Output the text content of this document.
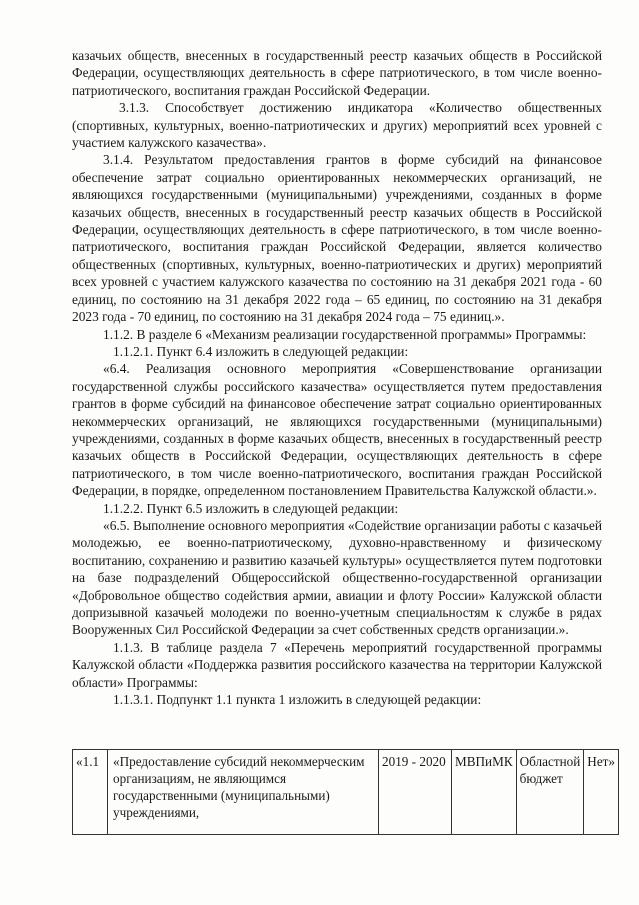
казачьих обществ, внесенных в государственный реестр казачьих обществ в Российской Федерации, осуществляющих деятельность в сфере патриотического, в том числе военно-патриотического, воспитания граждан Российской Федерации.

3.1.3. Способствует достижению индикатора «Количество общественных (спортивных, культурных, военно-патриотических и других) мероприятий всех уровней с участием калужского казачества».

3.1.4. Результатом предоставления грантов в форме субсидий на финансовое обеспечение затрат социально ориентированных некоммерческих организаций, не являющихся государственными (муниципальными) учреждениями, созданных в форме казачьих обществ, внесенных в государственный реестр казачьих обществ в Российской Федерации, осуществляющих деятельность в сфере патриотического, в том числе военно-патриотического, воспитания граждан Российской Федерации, является количество общественных (спортивных, культурных, военно-патриотических и других) мероприятий всех уровней с участием калужского казачества по состоянию на 31 декабря 2021 года - 60 единиц, по состоянию на 31 декабря 2022 года – 65 единиц, по состоянию на 31 декабря 2023 года - 70 единиц, по состоянию на 31 декабря 2024 года – 75 единиц.».

1.1.2. В разделе 6 «Механизм реализации государственной программы» Программы:

1.1.2.1. Пункт 6.4 изложить в следующей редакции:

«6.4. Реализация основного мероприятия «Совершенствование организации государственной службы российского казачества» осуществляется путем предоставления грантов в форме субсидий на финансовое обеспечение затрат социально ориентированных некоммерческих организаций, не являющихся государственными (муниципальными) учреждениями, созданных в форме казачьих обществ, внесенных в государственный реестр казачьих обществ в Российской Федерации, осуществляющих деятельность в сфере патриотического, в том числе военно-патриотического, воспитания граждан Российской Федерации, в порядке, определенном постановлением Правительства Калужской области.».

1.1.2.2. Пункт 6.5 изложить в следующей редакции:

«6.5. Выполнение основного мероприятия «Содействие организации работы с казачьей молодежью, ее военно-патриотическому, духовно-нравственному и физическому воспитанию, сохранению и развитию казачьей культуры» осуществляется путем подготовки на базе подразделений Общероссийской общественно-государственной организации «Добровольное общество содействия армии, авиации и флоту России» Калужской области допризывной казачьей молодежи по военно-учетным специальностям к службе в рядах Вооруженных Сил Российской Федерации за счет собственных средств организации.».

1.1.3. В таблице раздела 7 «Перечень мероприятий государственной программы Калужской области «Поддержка развития российского казачества на территории Калужской области» Программы:

1.1.3.1. Подпункт 1.1 пункта 1 изложить в следующей редакции:

«1.1	«Предоставление субсидий некоммерческим организациям, не являющимся государственными (муниципальными) учреждениями,	2019 - 2020	МВПиМК	Областной бюджет	Нет»
